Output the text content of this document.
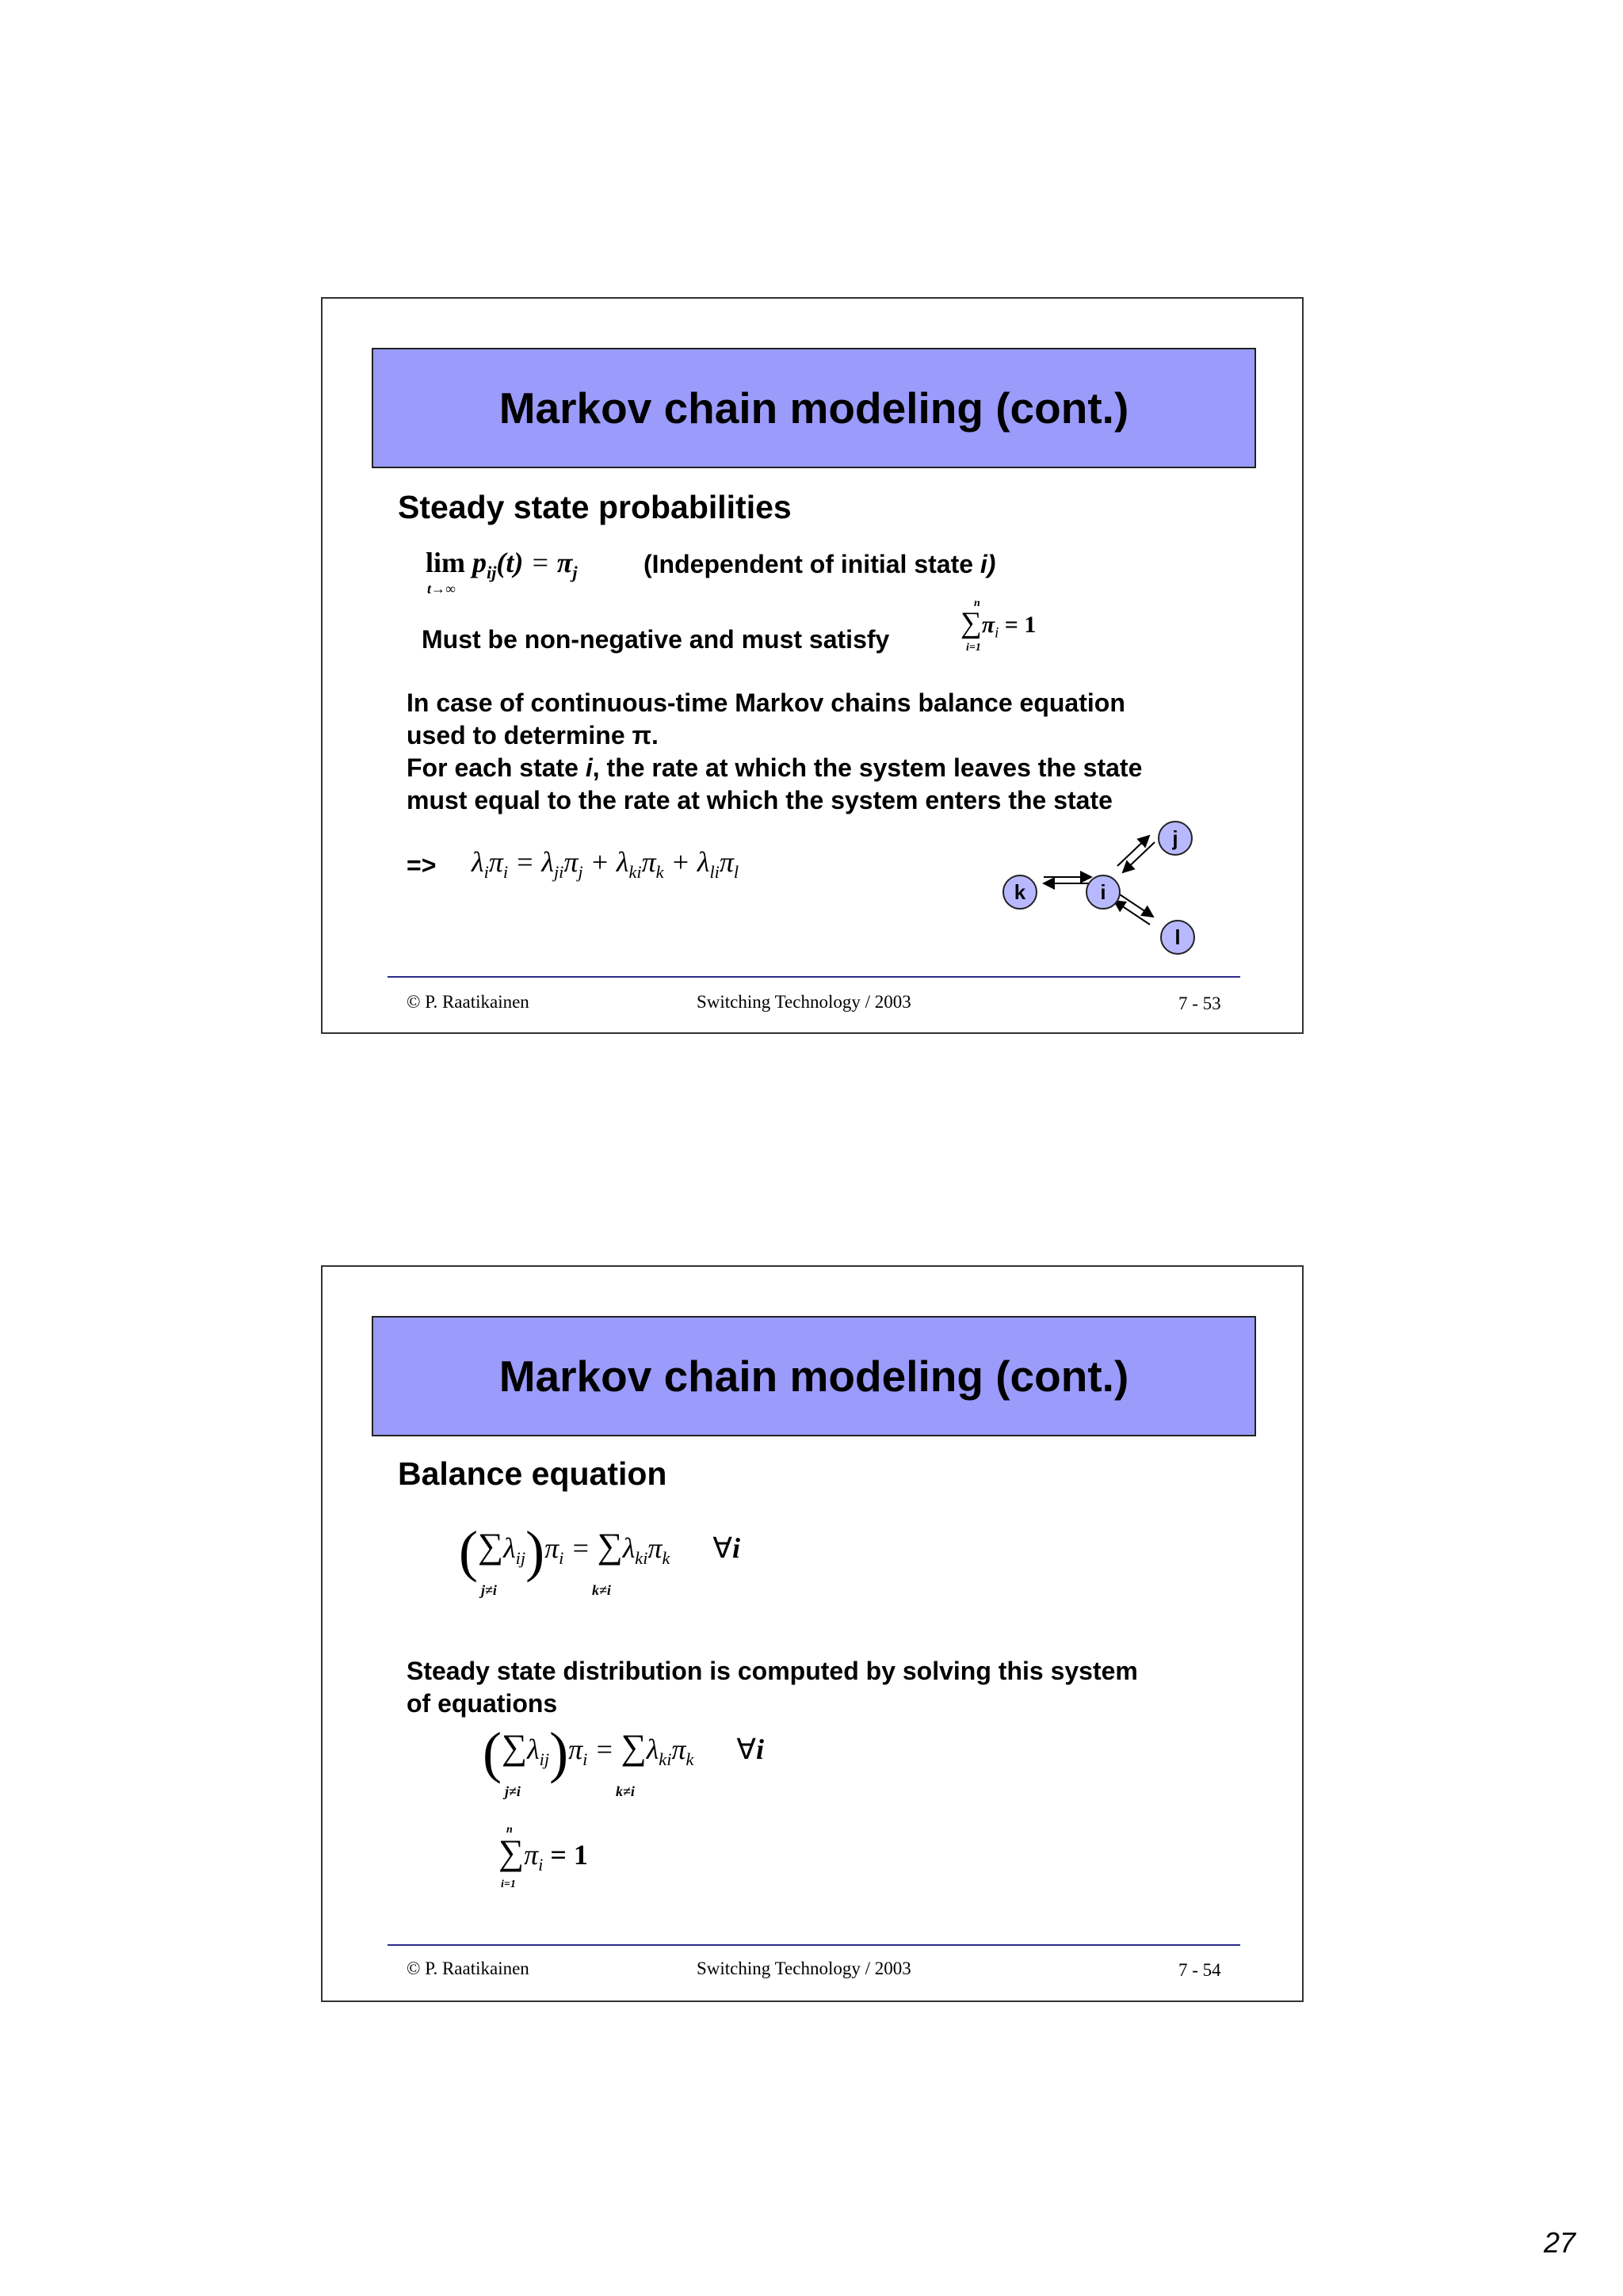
Markov chain modeling (cont.)
Steady state probabilities
$\lim p_{ij}(t) = \pi_j$
t→∞
(Independent of initial state i)
Must be non-negative and must satisfy $\sum\pi_i = 1$
n
i=1
In case of continuous-time Markov chains balance equation
used to determine π.
For each state i, the rate at which the system leaves the state
must equal to the rate at which the system enters the state
=> $\lambda_i\pi_i = \lambda_{ji}\pi_j + \lambda_{ki}\pi_k + \lambda_{li}\pi_l$
j
k	i
l
© P. Raatikainen	Switching Technology / 2003	7 - 53
Markov chain modeling (cont.)
Balance equation
$(\sum\lambda_{ij})\pi_i = \sum\lambda_{ki}\pi_k$ ∀i
j≠i	k≠i
Steady state distribution is computed by solving this system
of equations
$(\sum\lambda_{ij})\pi_i = \sum\lambda_{ki}\pi_k$ ∀i
j≠i	k≠i
$\sum\pi_i = 1$
n
i=1
© P. Raatikainen	Switching Technology / 2003	7 - 54
27
